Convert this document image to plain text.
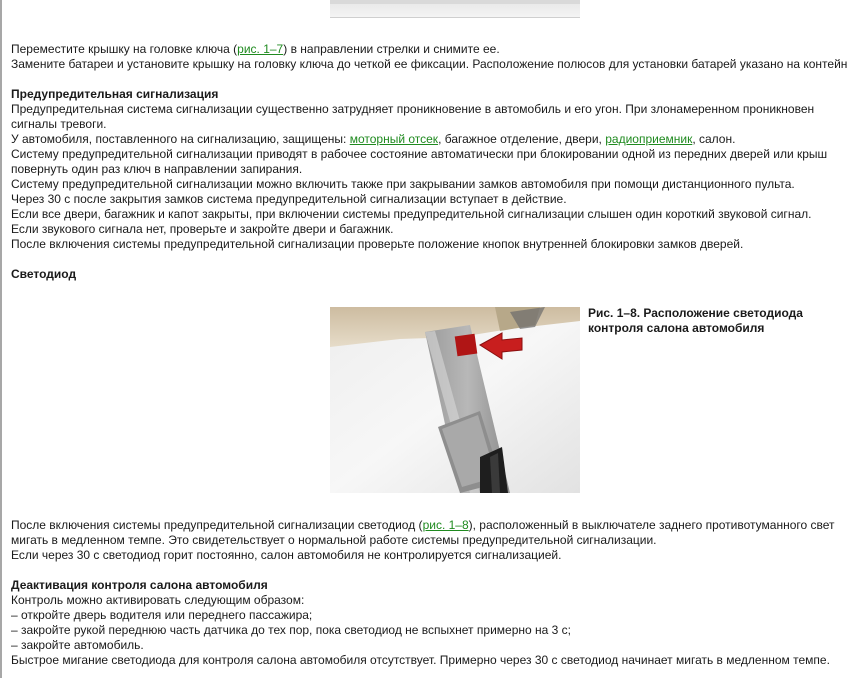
Переместите крышку на головке ключа (рис. 1–7) в направлении стрелки и снимите ее.
Замените батареи и установите крышку на головку ключа до четкой ее фиксации. Расположение полюсов для установки батарей указано на контейн
Предупредительная сигнализация
Предупредительная система сигнализации существенно затрудняет проникновение в автомобиль и его угон. При злонамеренном проникновен
сигналы тревоги.
У автомобиля, поставленного на сигнализацию, защищены: моторный отсек, багажное отделение, двери, радиоприемник, салон.
Систему предупредительной сигнализации приводят в рабочее состояние автоматически при блокировании одной из передних дверей или крыш
повернуть один раз ключ в направлении запирания.
Систему предупредительной сигнализации можно включить также при закрывании замков автомобиля при помощи дистанционного пульта.
Через 30 с после закрытия замков система предупредительной сигнализации вступает в действие.
Если все двери, багажник и капот закрыты, при включении системы предупредительной сигнализации слышен один короткий звуковой сигнал.
Если звукового сигнала нет, проверьте и закройте двери и багажник.
После включения системы предупредительной сигнализации проверьте положение кнопок внутренней блокировки замков дверей.
Светодиод
Рис. 1–8. Расположение светодиода контроля салона автомобиля
После включения системы предупредительной сигнализации светодиод (рис. 1–8), расположенный в выключателе заднего противотуманного свет
мигать в медленном темпе. Это свидетельствует о нормальной работе системы предупредительной сигнализации.
Если через 30 с светодиод горит постоянно, салон автомобиля не контролируется сигнализацией.
Деактивация контроля салона автомобиля
Контроль можно активировать следующим образом:
– откройте дверь водителя или переднего пассажира;
– закройте рукой переднюю часть датчика до тех пор, пока светодиод не вспыхнет примерно на 3 с;
– закройте автомобиль.
Быстрое мигание светодиода для контроля салона автомобиля отсутствует. Примерно через 30 с светодиод начинает мигать в медленном темпе.
